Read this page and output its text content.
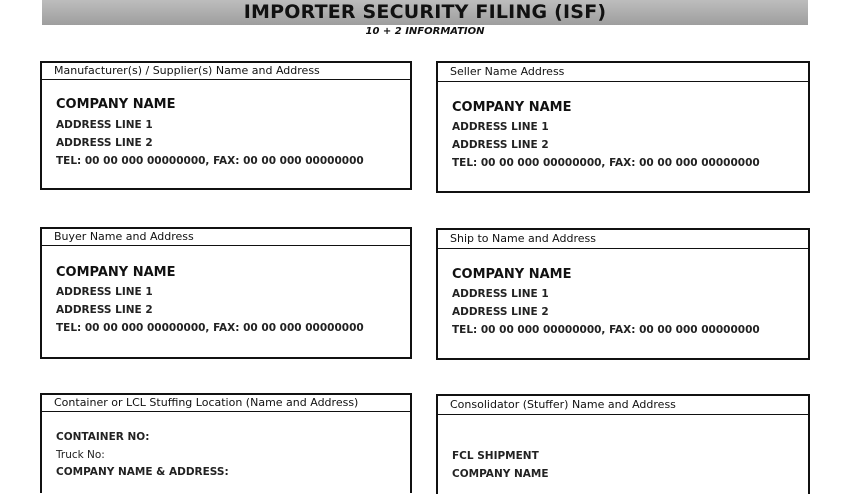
IMPORTER SECURITY FILING (ISF)
10 + 2 INFORMATION
Manufacturer(s) / Supplier(s) Name and Address
COMPANY NAME
ADDRESS LINE 1
ADDRESS LINE 2
TEL: 00 00 000 00000000, FAX: 00 00 000 00000000
Seller Name Address
COMPANY NAME
ADDRESS LINE 1
ADDRESS LINE 2
TEL: 00 00 000 00000000, FAX: 00 00 000 00000000
Buyer Name and Address
COMPANY NAME
ADDRESS LINE 1
ADDRESS LINE 2
TEL: 00 00 000 00000000, FAX: 00 00 000 00000000
Ship to Name and Address
COMPANY NAME
ADDRESS LINE 1
ADDRESS LINE 2
TEL: 00 00 000 00000000, FAX: 00 00 000 00000000
Container or LCL Stuffing Location (Name and Address)
CONTAINER NO:
Truck No:
COMPANY NAME & ADDRESS:
Consolidator (Stuffer) Name and Address
FCL SHIPMENT
COMPANY NAME
